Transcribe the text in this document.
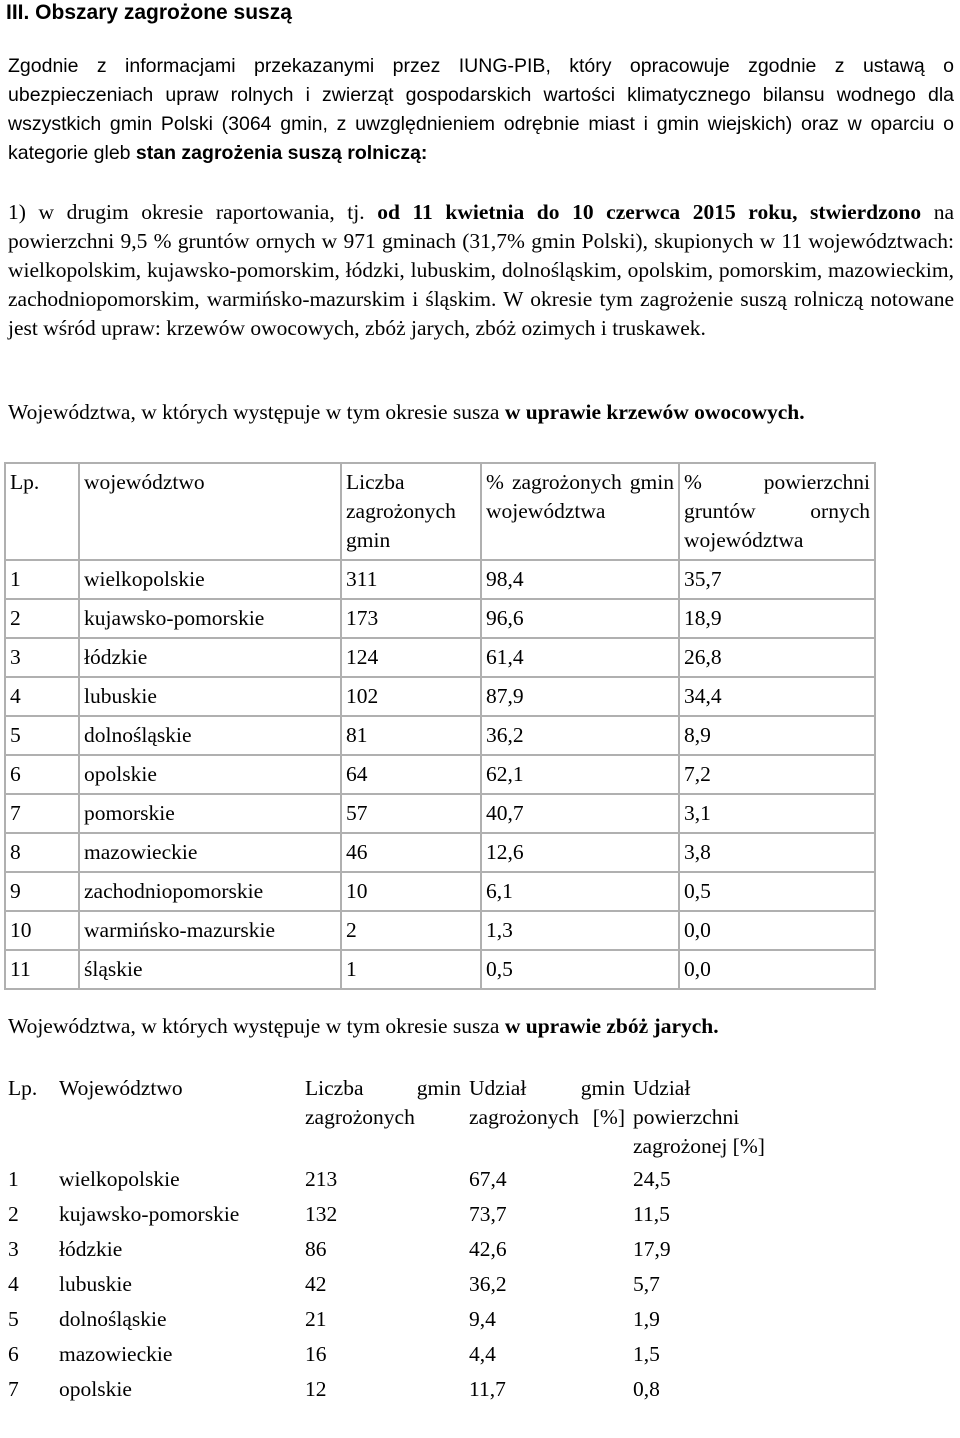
III. Obszary zagrożone suszą
Zgodnie z informacjami przekazanymi przez IUNG-PIB, który opracowuje zgodnie z ustawą o ubezpieczeniach upraw rolnych i zwierząt gospodarskich wartości klimatycznego bilansu wodnego dla wszystkich gmin Polski (3064 gmin, z uwzględnieniem odrębnie miast i gmin wiejskich) oraz w oparciu o kategorie gleb stan zagrożenia suszą rolniczą:
1) w drugim okresie raportowania, tj. od 11 kwietnia do 10 czerwca 2015 roku, stwierdzono na powierzchni 9,5 % gruntów ornych w 971 gminach (31,7% gmin Polski), skupionych w 11 województwach: wielkopolskim, kujawsko-pomorskim, łódzki, lubuskim, dolnośląskim, opolskim, pomorskim, mazowieckim, zachodniopomorskim, warmińsko-mazurskim i śląskim. W okresie tym zagrożenie suszą rolniczą notowane jest wśród upraw: krzewów owocowych, zbóż jarych, zbóż ozimych i truskawek.
Województwa, w których występuje w tym okresie susza w uprawie krzewów owocowych.
Lp.	województwo	Liczba zagrożonych gmin	% zagrożonych gmin województwa	% powierzchni gruntów ornych województwa
1	wielkopolskie	311	98,4	35,7
2	kujawsko-pomorskie	173	96,6	18,9
3	łódzkie	124	61,4	26,8
4	lubuskie	102	87,9	34,4
5	dolnośląskie	81	36,2	8,9
6	opolskie	64	62,1	7,2
7	pomorskie	57	40,7	3,1
8	mazowieckie	46	12,6	3,8
9	zachodniopomorskie	10	6,1	0,5
10	warmińsko-mazurskie	2	1,3	0,0
11	śląskie	1	0,5	0,0
Województwa, w których występuje w tym okresie susza w uprawie zbóż jarych.
Lp.	Województwo	Liczba gmin zagrożonych	Udział gmin zagrożonych [%]	Udział powierzchni zagrożonej [%]
1	wielkopolskie	213	67,4	24,5
2	kujawsko-pomorskie	132	73,7	11,5
3	łódzkie	86	42,6	17,9
4	lubuskie	42	36,2	5,7
5	dolnośląskie	21	9,4	1,9
6	mazowieckie	16	4,4	1,5
7	opolskie	12	11,7	0,8
